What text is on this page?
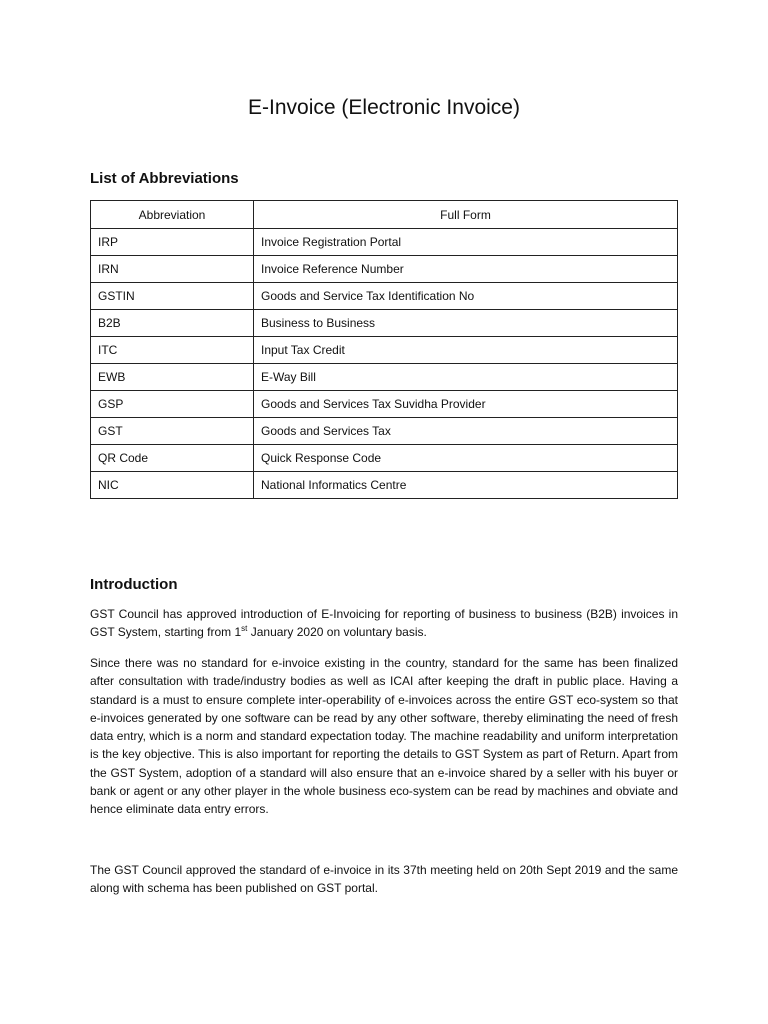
E-Invoice (Electronic Invoice)
List of Abbreviations
Abbreviation	Full Form
IRP	Invoice Registration Portal
IRN	Invoice Reference Number
GSTIN	Goods and Service Tax Identification No
B2B	Business to Business
ITC	Input Tax Credit
EWB	E-Way Bill
GSP	Goods and Services Tax Suvidha Provider
GST	Goods and Services Tax
QR Code	Quick Response Code
NIC	National Informatics Centre
Introduction

GST Council has approved introduction of E-Invoicing for reporting of business to business (B2B) invoices in GST System, starting from 1st January 2020 on voluntary basis.

Since there was no standard for e-invoice existing in the country, standard for the same has been finalized after consultation with trade/industry bodies as well as ICAI after keeping the draft in public place. Having a standard is a must to ensure complete inter-operability of e-invoices across the entire GST eco-system so that e-invoices generated by one software can be read by any other software, thereby eliminating the need of fresh data entry, which is a norm and standard expectation today. The machine readability and uniform interpretation is the key objective. This is also important for reporting the details to GST System as part of Return. Apart from the GST System, adoption of a standard will also ensure that an e-invoice shared by a seller with his buyer or bank or agent or any other player in the whole business eco-system can be read by machines and obviate and hence eliminate data entry errors.

The GST Council approved the standard of e-invoice in its 37th meeting held on 20th Sept 2019 and the same along with schema has been published on GST portal.
